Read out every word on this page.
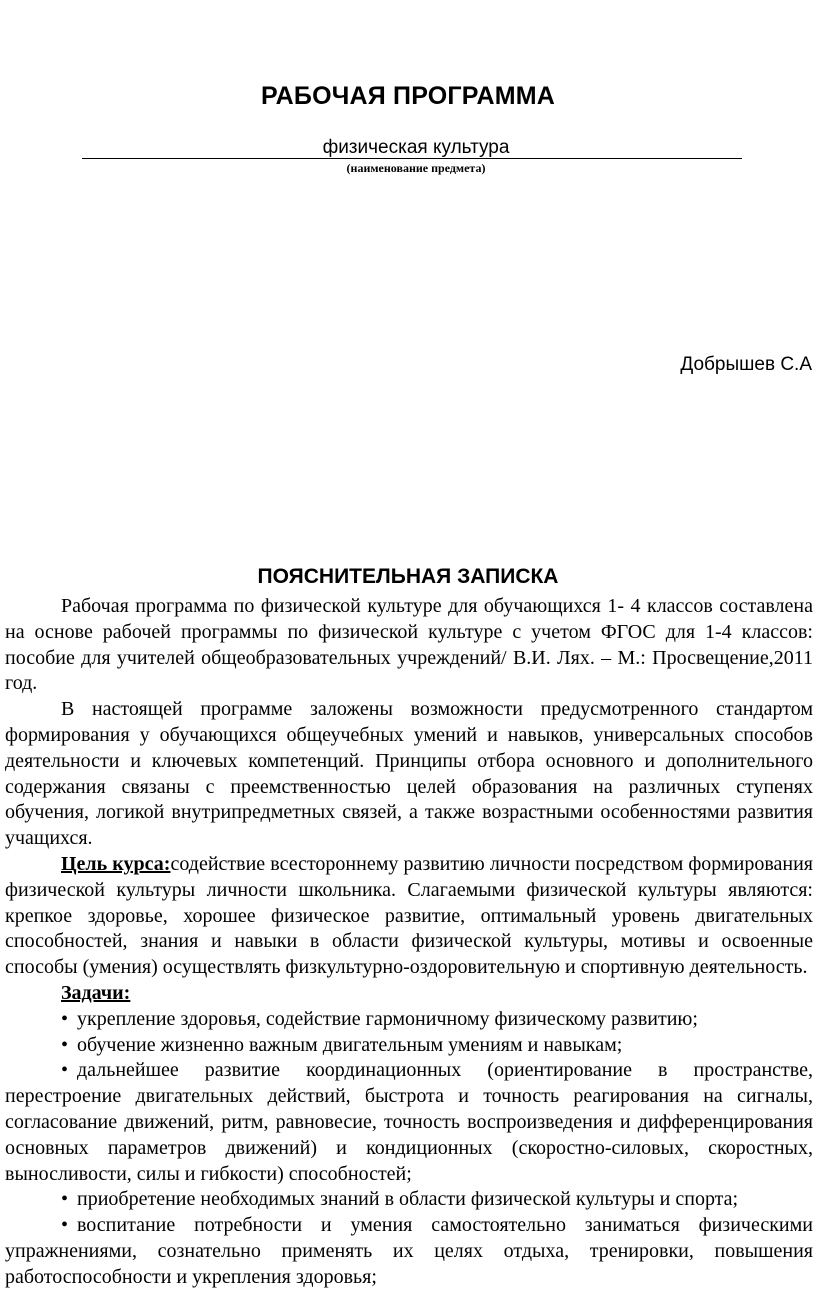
РАБОЧАЯ ПРОГРАММА
физическая культура
(наименование предмета)
Добрышев С.А
ПОЯСНИТЕЛЬНАЯ ЗАПИСКА

Рабочая программа по физической культуре для обучающихся 1- 4 классов составлена на основе рабочей программы по физической культуре с учетом ФГОС для 1-4 классов: пособие для учителей общеобразовательных учреждений/ В.И. Лях. – М.: Просвещение,2011 год.

В настоящей программе заложены возможности предусмотренного стандартом формирования у обучающихся общеучебных умений и навыков, универсальных способов деятельности и ключевых компетенций. Принципы отбора основного и дополнительного содержания связаны с преемственностью целей образования на различных ступенях обучения, логикой внутрипредметных связей, а также возрастными особенностями развития учащихся.

Цель курса:содействие всестороннему развитию личности посредством формирования физической культуры личности школьника. Слагаемыми физической культуры являются: крепкое здоровье, хорошее физическое развитие, оптимальный уровень двигательных способностей, знания и навыки в области физической культуры, мотивы и освоенные способы (умения) осуществлять физкультурно-оздоровительную и спортивную деятельность.

Задачи:

• укрепление здоровья, содействие гармоничному физическому развитию;

• обучение жизненно важным двигательным умениям и навыкам;

• дальнейшее развитие координационных (ориентирование в пространстве, перестроение двигательных действий, быстрота и точность реагирования на сигналы, согласование движений, ритм, равновесие, точность воспроизведения и дифференцирования основных параметров движений) и кондиционных (скоростно-силовых, скоростных, выносливости, силы и гибкости) способностей;

• приобретение необходимых знаний в области физической культуры и спорта;

• воспитание потребности и умения самостоятельно заниматься физическими упражнениями, сознательно применять их целях отдыха, тренировки, повышения работоспособности и укрепления здоровья;
